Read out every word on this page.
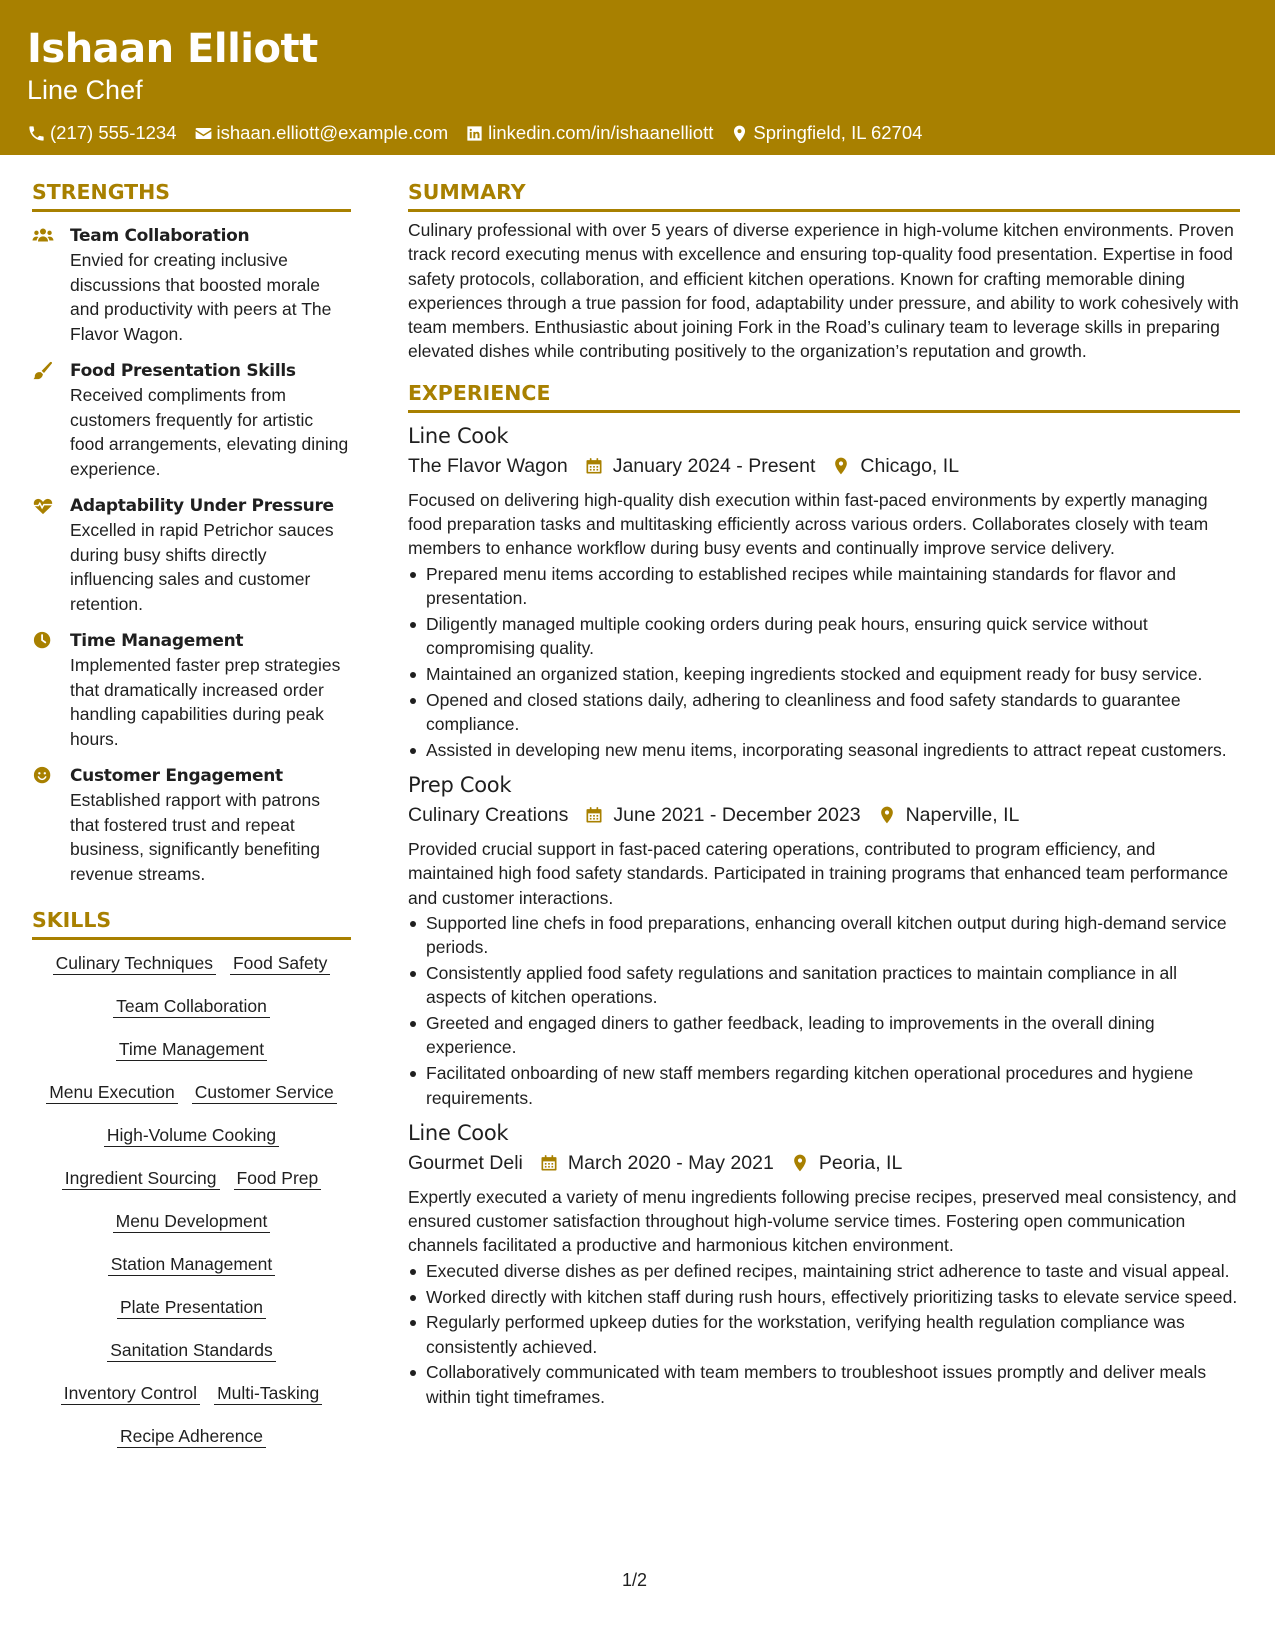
Ishaan Elliott
Line Chef
(217) 555-1234 ishaan.elliott@example.com linkedin.com/in/ishaanelliott Springfield, IL 62704
STRENGTHS
Team Collaboration
Envied for creating inclusive discussions that boosted morale and productivity with peers at The Flavor Wagon.
Food Presentation Skills
Received compliments from customers frequently for artistic food arrangements, elevating dining experience.
Adaptability Under Pressure
Excelled in rapid Petrichor sauces during busy shifts directly influencing sales and customer retention.
Time Management
Implemented faster prep strategies that dramatically increased order handling capabilities during peak hours.
Customer Engagement
Established rapport with patrons that fostered trust and repeat business, significantly benefiting revenue streams.
SKILLS
Culinary Techniques Food Safety
Team Collaboration
Time Management
Menu Execution Customer Service
High-Volume Cooking
Ingredient Sourcing Food Prep
Menu Development
Station Management
Plate Presentation
Sanitation Standards
Inventory Control Multi-Tasking
Recipe Adherence
SUMMARY
Culinary professional with over 5 years of diverse experience in high-volume kitchen environments. Proven track record executing menus with excellence and ensuring top-quality food presentation. Expertise in food safety protocols, collaboration, and efficient kitchen operations. Known for crafting memorable dining experiences through a true passion for food, adaptability under pressure, and ability to work cohesively with team members. Enthusiastic about joining Fork in the Road’s culinary team to leverage skills in preparing elevated dishes while contributing positively to the organization’s reputation and growth.
EXPERIENCE
Line Cook
The Flavor Wagon January 2024 - Present Chicago, IL
Focused on delivering high-quality dish execution within fast-paced environments by expertly managing food preparation tasks and multitasking efficiently across various orders. Collaborates closely with team members to enhance workflow during busy events and continually improve service delivery.
Prepared menu items according to established recipes while maintaining standards for flavor and presentation.
Diligently managed multiple cooking orders during peak hours, ensuring quick service without compromising quality.
Maintained an organized station, keeping ingredients stocked and equipment ready for busy service.
Opened and closed stations daily, adhering to cleanliness and food safety standards to guarantee compliance.
Assisted in developing new menu items, incorporating seasonal ingredients to attract repeat customers.
Prep Cook
Culinary Creations June 2021 - December 2023 Naperville, IL
Provided crucial support in fast-paced catering operations, contributed to program efficiency, and maintained high food safety standards. Participated in training programs that enhanced team performance and customer interactions.
Supported line chefs in food preparations, enhancing overall kitchen output during high-demand service periods.
Consistently applied food safety regulations and sanitation practices to maintain compliance in all aspects of kitchen operations.
Greeted and engaged diners to gather feedback, leading to improvements in the overall dining experience.
Facilitated onboarding of new staff members regarding kitchen operational procedures and hygiene requirements.
Line Cook
Gourmet Deli March 2020 - May 2021 Peoria, IL
Expertly executed a variety of menu ingredients following precise recipes, preserved meal consistency, and ensured customer satisfaction throughout high-volume service times. Fostering open communication channels facilitated a productive and harmonious kitchen environment.
Executed diverse dishes as per defined recipes, maintaining strict adherence to taste and visual appeal.
Worked directly with kitchen staff during rush hours, effectively prioritizing tasks to elevate service speed.
Regularly performed upkeep duties for the workstation, verifying health regulation compliance was consistently achieved.
Collaboratively communicated with team members to troubleshoot issues promptly and deliver meals within tight timeframes.
1/2
